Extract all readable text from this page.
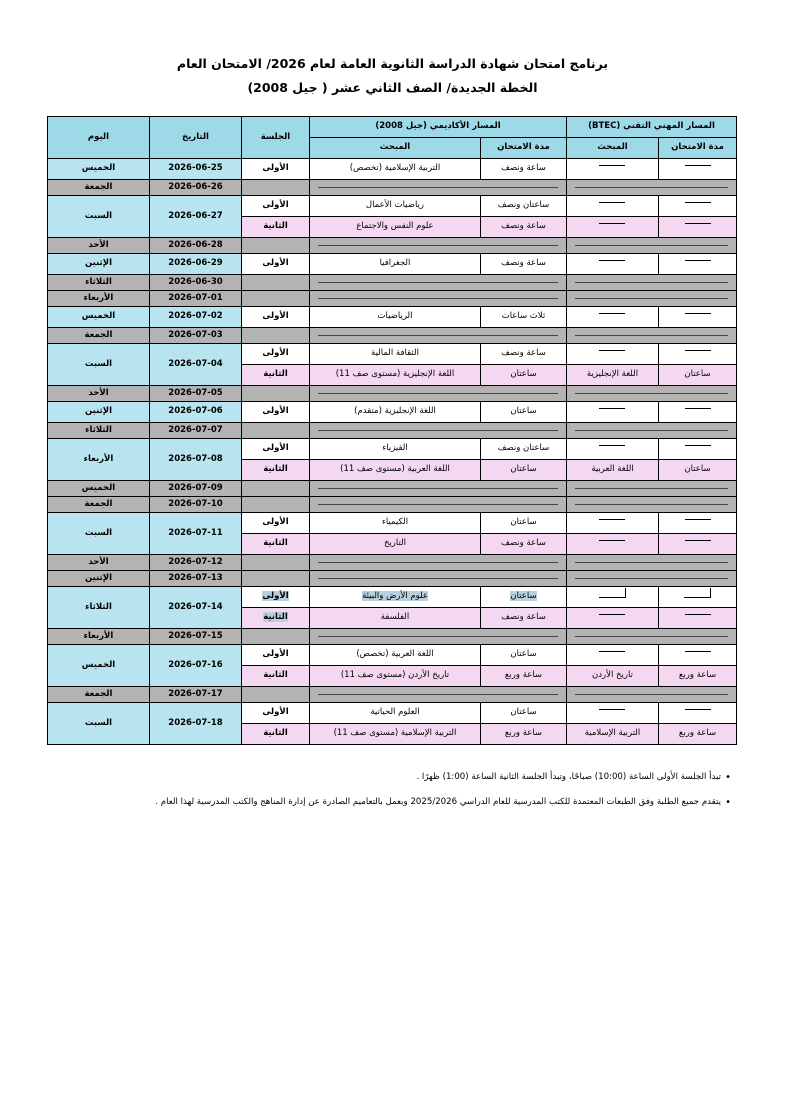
برنامج امتحان شهادة الدراسة الثانوية العامة لعام 2026/ الامتحان العام
الخطة الجديدة/ الصف الثاني عشر ( جيل 2008)
المسار المهني التقني (BTEC)		المسار الأكاديمي (جيل 2008)		الجلسة	التاريخ	اليوم
مدة الامتحان	المبحث	مدة الامتحان	المبحث			
		ساعة ونصف	التربية الإسلامية (تخصص)	الأولى	2026-06-25	الخميس
					2026-06-26	الجمعة
		ساعتان ونصف	رياضيات الأعمال	الأولى	2026-06-27	السبت
		ساعة ونصف	علوم النفس والاجتماع	الثانية		
					2026-06-28	الأحد
		ساعة ونصف	الجغرافيا	الأولى	2026-06-29	الإثنين
					2026-06-30	الثلاثاء
					2026-07-01	الأربعاء
		ثلاث ساعات	الرياضيات	الأولى	2026-07-02	الخميس
					2026-07-03	الجمعة
		ساعة ونصف	الثقافة المالية	الأولى	2026-07-04	السبت
ساعتان	اللغة الإنجليزية	ساعتان	اللغة الإنجليزية (مستوى صف 11)	الثانية		
					2026-07-05	الأحد
		ساعتان	اللغة الإنجليزية (متقدم)	الأولى	2026-07-06	الإثنين
					2026-07-07	الثلاثاء
		ساعتان ونصف	الفيزياء	الأولى	2026-07-08	الأربعاء
ساعتان	اللغة العربية	ساعتان	اللغة العربية (مستوى صف 11)	الثانية		
					2026-07-09	الخميس
					2026-07-10	الجمعة
		ساعتان	الكيمياء	الأولى	2026-07-11	السبت
		ساعة ونصف	التاريخ	الثانية		
					2026-07-12	الأحد
					2026-07-13	الإثنين
		ساعتان	علوم الأرض والبيئة	الأولى	2026-07-14	الثلاثاء
		ساعة ونصف	الفلسفة	الثانية		
					2026-07-15	الأربعاء
		ساعتان	اللغة العربية (تخصص)	الأولى	2026-07-16	الخميس
ساعة وربع	تاريخ الأردن	ساعة وربع	تاريخ الأردن (مستوى صف 11)	الثانية		
					2026-07-17	الجمعة
		ساعتان	العلوم الحياتية	الأولى	2026-07-18	السبت
ساعة وربع	التربية الإسلامية	ساعة وربع	التربية الإسلامية (مستوى صف 11)	الثانية		
• تبدأ الجلسة الأولى الساعة (10:00) صباحًا، وتبدأ الجلسة الثانية الساعة (1:00) ظهرًا .
• يتقدم جميع الطلبة وفق الطبعات المعتمدة للكتب المدرسية للعام الدراسي 2025/2026 وبعمل بالتعاميم الصادرة عن إدارة المناهج والكتب المدرسية لهذا العام .
